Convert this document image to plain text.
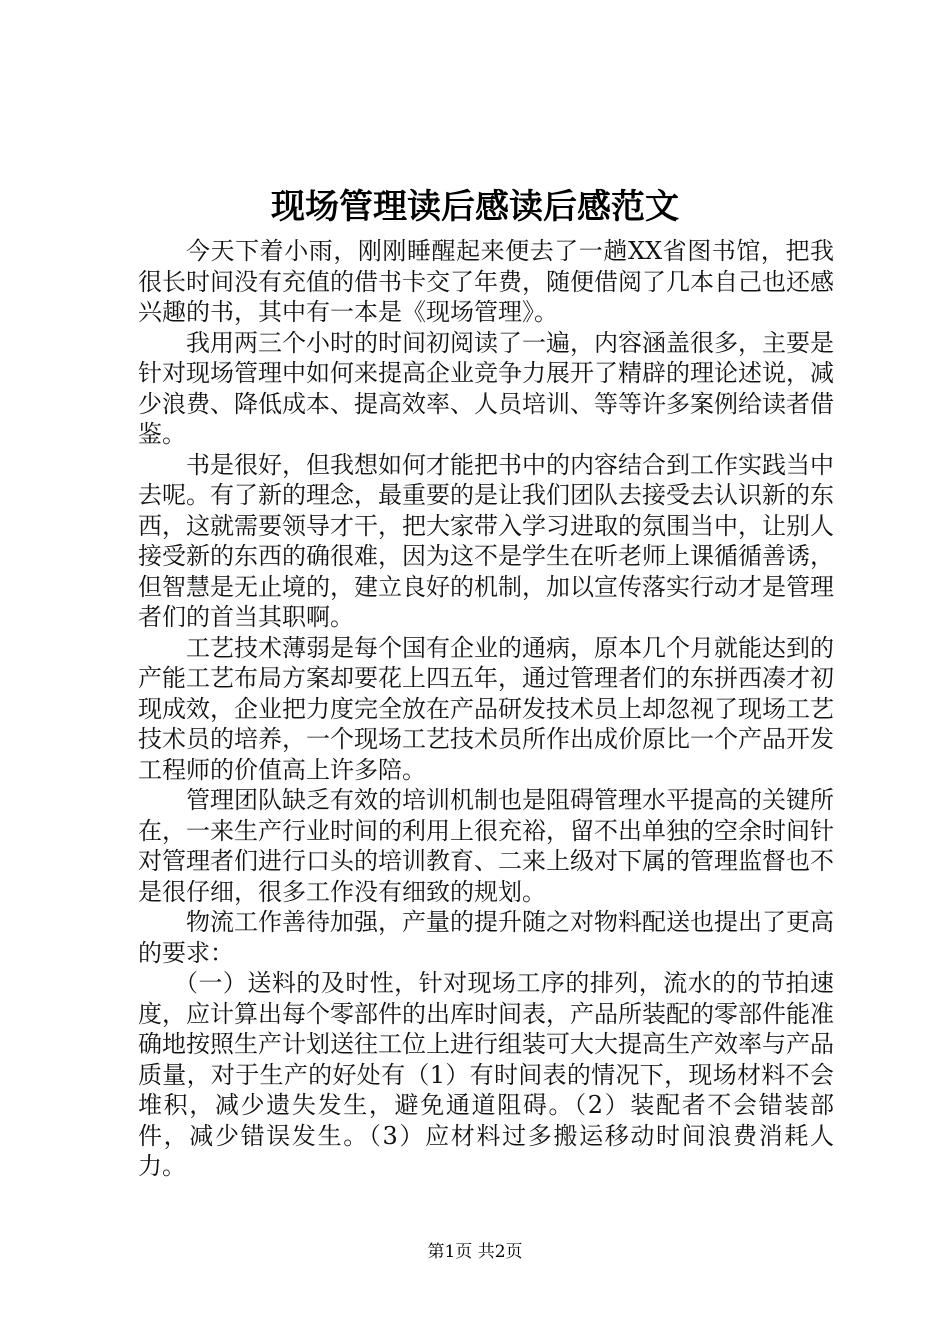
现场管理读后感读后感范文

今天下着小雨，刚刚睡醒起来便去了一趟XX省图书馆，把我很长时间没有充值的借书卡交了年费，随便借阅了几本自己也还感兴趣的书，其中有一本是《现场管理》。

我用两三个小时的时间初阅读了一遍，内容涵盖很多，主要是针对现场管理中如何来提高企业竞争力展开了精辟的理论述说，减少浪费、降低成本、提高效率、人员培训、等等许多案例给读者借鉴。

书是很好，但我想如何才能把书中的内容结合到工作实践当中去呢。有了新的理念，最重要的是让我们团队去接受去认识新的东西，这就需要领导才干，把大家带入学习进取的氛围当中，让别人接受新的东西的确很难，因为这不是学生在听老师上课循循善诱，但智慧是无止境的，建立良好的机制，加以宣传落实行动才是管理者们的首当其职啊。

工艺技术薄弱是每个国有企业的通病，原本几个月就能达到的产能工艺布局方案却要花上四五年，通过管理者们的东拼西凑才初现成效，企业把力度完全放在产品研发技术员上却忽视了现场工艺技术员的培养，一个现场工艺技术员所作出成价原比一个产品开发工程师的价值高上许多陪。

管理团队缺乏有效的培训机制也是阻碍管理水平提高的关键所在，一来生产行业时间的利用上很充裕，留不出单独的空余时间针对管理者们进行口头的培训教育、二来上级对下属的管理监督也不是很仔细，很多工作没有细致的规划。

物流工作善待加强，产量的提升随之对物料配送也提出了更高的要求：

（一）送料的及时性，针对现场工序的排列，流水的的节拍速度，应计算出每个零部件的出库时间表，产品所装配的零部件能准确地按照生产计划送往工位上进行组装可大大提高生产效率与产品质量，对于生产的好处有（1）有时间表的情况下，现场材料不会堆积，减少遗失发生，避免通道阻碍。（2）装配者不会错装部件，减少错误发生。（3）应材料过多搬运移动时间浪费消耗人力。

第1页 共2页
